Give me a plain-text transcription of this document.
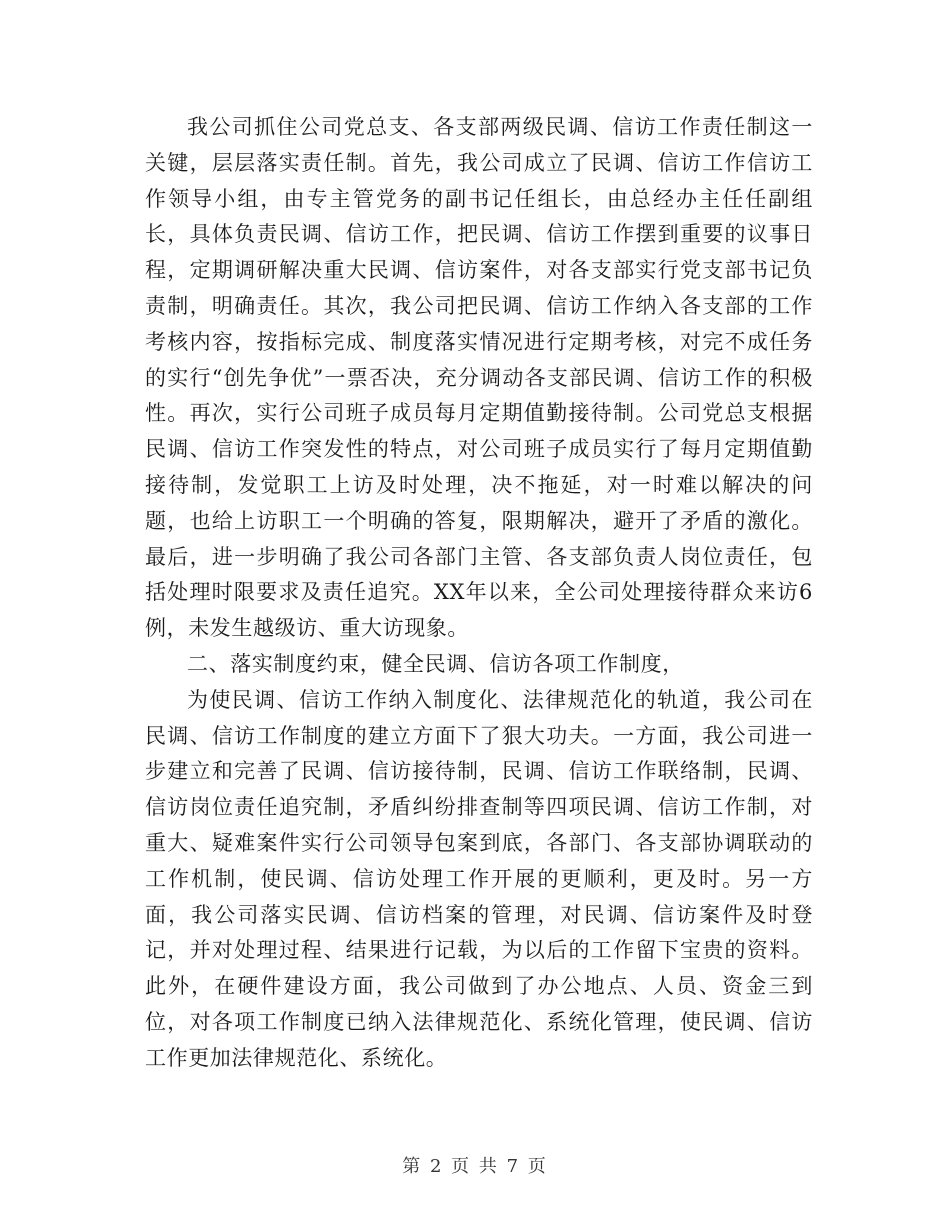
我公司抓住公司党总支、各支部两级民调、信访工作责任制这一关键，层层落实责任制。首先，我公司成立了民调、信访工作信访工作领导小组，由专主管党务的副书记任组长，由总经办主任任副组长，具体负责民调、信访工作，把民调、信访工作摆到重要的议事日程，定期调研解决重大民调、信访案件，对各支部实行党支部书记负责制，明确责任。其次，我公司把民调、信访工作纳入各支部的工作考核内容，按指标完成、制度落实情况进行定期考核，对完不成任务的实行“创先争优”一票否决，充分调动各支部民调、信访工作的积极性。再次，实行公司班子成员每月定期值勤接待制。公司党总支根据民调、信访工作突发性的特点，对公司班子成员实行了每月定期值勤接待制，发觉职工上访及时处理，决不拖延，对一时难以解决的问题，也给上访职工一个明确的答复，限期解决，避开了矛盾的激化。最后，进一步明确了我公司各部门主管、各支部负责人岗位责任，包括处理时限要求及责任追究。XX年以来，全公司处理接待群众来访6例，未发生越级访、重大访现象。

二、落实制度约束，健全民调、信访各项工作制度，

为使民调、信访工作纳入制度化、法律规范化的轨道，我公司在民调、信访工作制度的建立方面下了狠大功夫。一方面，我公司进一步建立和完善了民调、信访接待制，民调、信访工作联络制，民调、信访岗位责任追究制，矛盾纠纷排查制等四项民调、信访工作制，对重大、疑难案件实行公司领导包案到底，各部门、各支部协调联动的工作机制，使民调、信访处理工作开展的更顺利，更及时。另一方面，我公司落实民调、信访档案的管理，对民调、信访案件及时登记，并对处理过程、结果进行记载，为以后的工作留下宝贵的资料。此外，在硬件建设方面，我公司做到了办公地点、人员、资金三到位，对各项工作制度已纳入法律规范化、系统化管理，使民调、信访工作更加法律规范化、系统化。

第 2 页 共 7 页
